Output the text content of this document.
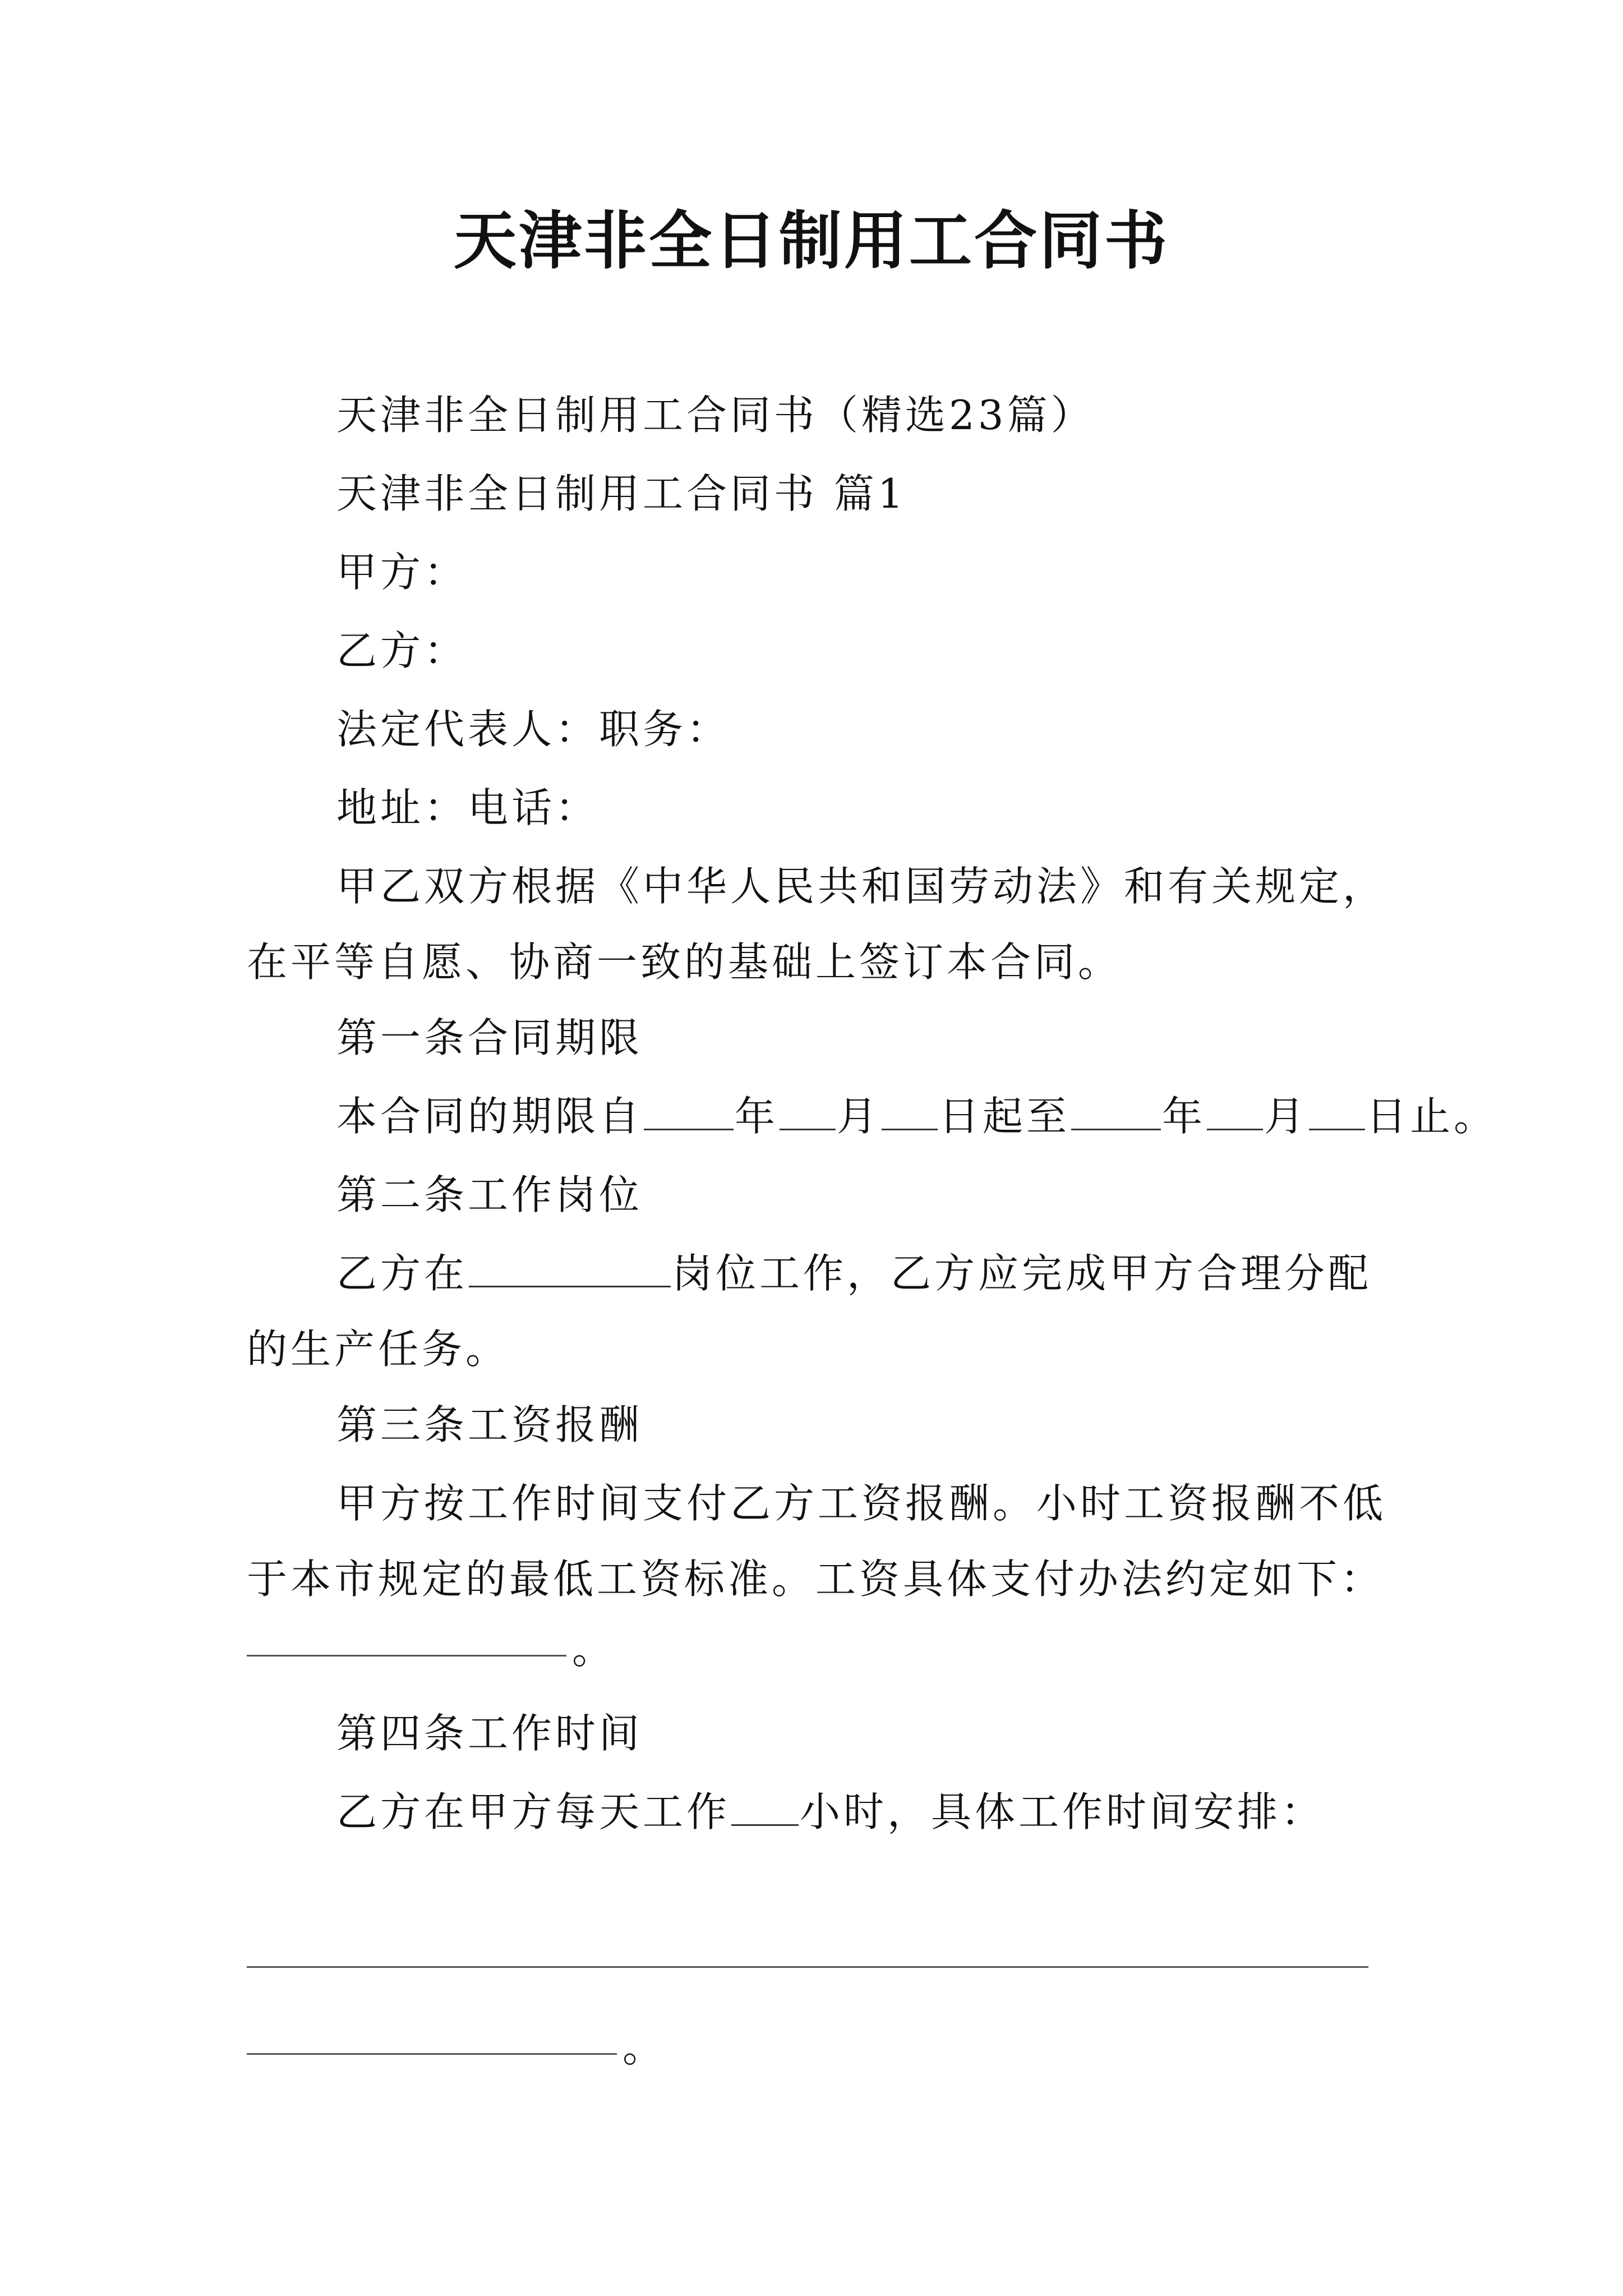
天津非全日制用工合同书
天津非全日制用工合同书（精选23篇）
天津非全日制用工合同书 篇1
甲方：
乙方：
法定代表人：职务：
地址：电话：
甲乙双方根据《中华人民共和国劳动法》和有关规定，
在平等自愿、协商一致的基础上签订本合同。
第一条合同期限
本合同的期限自 年 月 日起至 年 月 日止。
第二条工作岗位
乙方在	岗位工作，乙方应完成甲方合理分配
的生产任务。
第三条工资报酬
甲方按工作时间支付乙方工资报酬。小时工资报酬不低
于本市规定的最低工资标准。工资具体支付办法约定如下：
。
第四条工作时间
乙方在甲方每天工作 小时，具体工作时间安排：
。
